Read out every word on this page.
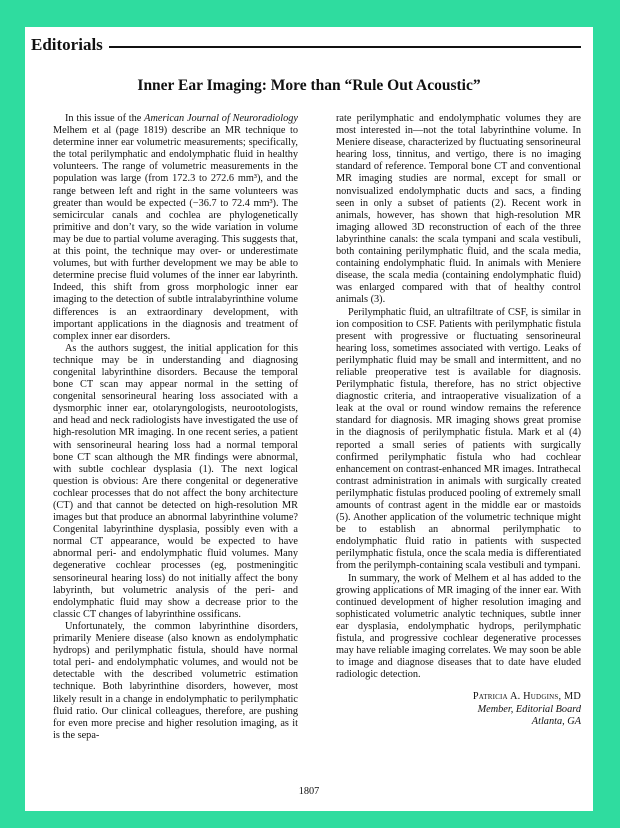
Editorials
Inner Ear Imaging: More than “Rule Out Acoustic”

In this issue of the American Journal of Neuroradiology Melhem et al (page 1819) describe an MR technique to determine inner ear volumetric measurements; specifically, the total perilymphatic and endolymphatic fluid in healthy volunteers. The range of volumetric measurements in the population was large (from 172.3 to 272.6 mm³), and the range between left and right in the same volunteers was greater than would be expected (−36.7 to 72.4 mm³). The semicircular canals and cochlea are phylogenetically primitive and don’t vary, so the wide variation in volume may be due to partial volume averaging. This suggests that, at this point, the technique may over- or underestimate volumes, but with further development we may be able to determine precise fluid volumes of the inner ear labyrinth. Indeed, this shift from gross morphologic inner ear imaging to the detection of subtle intralabyrinthine volume differences is an extraordinary development, with important applications in the diagnosis and treatment of complex inner ear disorders.

As the authors suggest, the initial application for this technique may be in understanding and diagnosing congenital labyrinthine disorders. Because the temporal bone CT scan may appear normal in the setting of congenital sensorineural hearing loss associated with a dysmorphic inner ear, otolaryngologists, neurootologists, and head and neck radiologists have investigated the use of high-resolution MR imaging. In one recent series, a patient with sensorineural hearing loss had a normal temporal bone CT scan although the MR findings were abnormal, with subtle cochlear dysplasia (1). The next logical question is obvious: Are there congenital or degenerative cochlear processes that do not affect the bony architecture (CT) and that cannot be detected on high-resolution MR images but that produce an abnormal labyrinthine volume? Congenital labyrinthine dysplasia, possibly even with a normal CT appearance, would be expected to have abnormal peri- and endolymphatic fluid volumes. Many degenerative cochlear processes (eg, postmeningitic sensorineural hearing loss) do not initially affect the bony labyrinth, but volumetric analysis of the peri- and endolymphatic fluid may show a decrease prior to the classic CT changes of labyrinthine ossificans.

Unfortunately, the common labyrinthine disorders, primarily Meniere disease (also known as endolymphatic hydrops) and perilymphatic fistula, should have normal total peri- and endolymphatic volumes, and would not be detectable with the described volumetric estimation technique. Both labyrinthine disorders, however, most likely result in a change in endolymphatic to perilymphatic fluid ratio. Our clinical colleagues, therefore, are pushing for even more precise and higher resolution imaging, as it is the sepa-

rate perilymphatic and endolymphatic volumes they are most interested in—not the total labyrinthine volume. In Meniere disease, characterized by fluctuating sensorineural hearing loss, tinnitus, and vertigo, there is no imaging standard of reference. Temporal bone CT and conventional MR imaging studies are normal, except for small or nonvisualized endolymphatic ducts and sacs, a finding seen in only a subset of patients (2). Recent work in animals, however, has shown that high-resolution MR imaging allowed 3D reconstruction of each of the three labyrinthine canals: the scala tympani and scala vestibuli, both containing perilymphatic fluid, and the scala media, containing endolymphatic fluid. In animals with Meniere disease, the scala media (containing endolymphatic fluid) was enlarged compared with that of healthy control animals (3).

Perilymphatic fluid, an ultrafiltrate of CSF, is similar in ion composition to CSF. Patients with perilymphatic fistula present with progressive or fluctuating sensorineural hearing loss, sometimes associated with vertigo. Leaks of perilymphatic fluid may be small and intermittent, and no reliable preoperative test is available for diagnosis. Perilymphatic fistula, therefore, has no strict objective diagnostic criteria, and intraoperative visualization of a leak at the oval or round window remains the reference standard for diagnosis. MR imaging shows great promise in the diagnosis of perilymphatic fistula. Mark et al (4) reported a small series of patients with surgically confirmed perilymphatic fistula who had cochlear enhancement on contrast-enhanced MR images. Intrathecal contrast administration in animals with surgically created perilymphatic fistulas produced pooling of extremely small amounts of contrast agent in the middle ear or mastoids (5). Another application of the volumetric technique might be to establish an abnormal perilymphatic to endolymphatic fluid ratio in patients with suspected perilymphatic fistula, once the scala media is differentiated from the perilymph-containing scala vestibuli and tympani.

In summary, the work of Melhem et al has added to the growing applications of MR imaging of the inner ear. With continued development of higher resolution imaging and sophisticated volumetric analytic techniques, subtle inner ear dysplasia, endolymphatic hydrops, perilymphatic fistula, and progressive cochlear degenerative processes may have reliable imaging correlates. We may soon be able to image and diagnose diseases that to date have eluded radiologic detection.

Patricia A. Hudgins, MD
Member, Editorial Board
Atlanta, GA
1807
